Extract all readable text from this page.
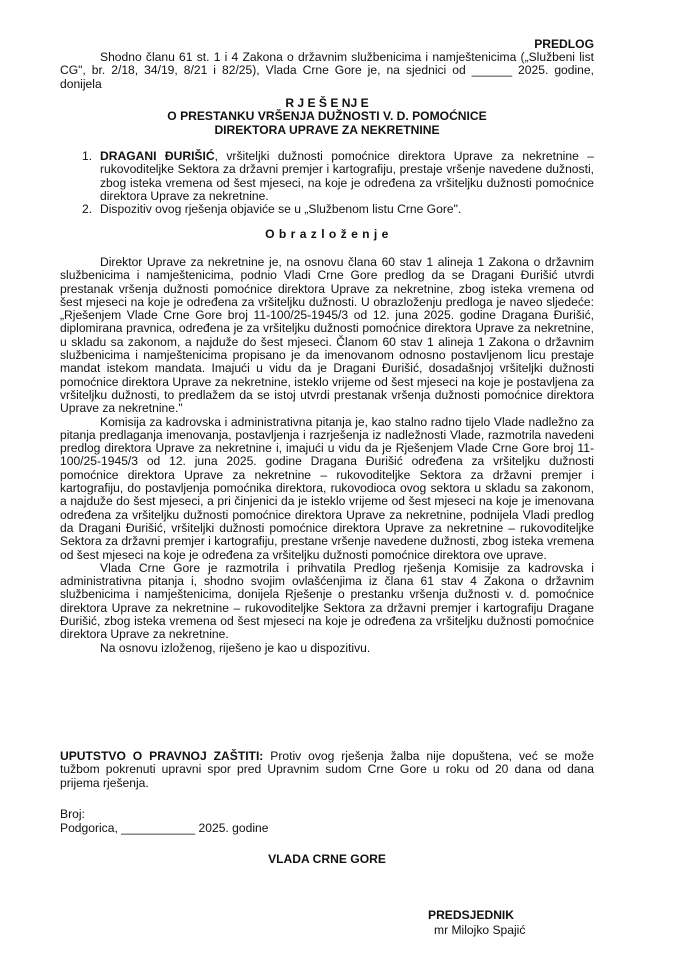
PREDLOG

Shodno članu 61 st. 1 i 4 Zakona o državnim službenicima i namještenicima („Službeni list CG", br. 2/18, 34/19, 8/21 i 82/25), Vlada Crne Gore je, na sjednici od ______ 2025. godine, donijela

R J E Š E NJ E
O PRESTANKU VRŠENJA DUŽNOSTI V. D. POMOĆNICE
DIREKTORA UPRAVE ZA NEKRETNINE
1. DRAGANI ĐURIŠIĆ, vršiteljki dužnosti pomoćnice direktora Uprave za nekretnine – rukovoditeljke Sektora za državni premjer i kartografiju, prestaje vršenje navedene dužnosti, zbog isteka vremena od šest mjeseci, na koje je određena za vršiteljku dužnosti pomoćnice direktora Uprave za nekretnine.
2. Dispozitiv ovog rješenja objaviće se u „Službenom listu Crne Gore".
O b r a z l o ž e n j e

Direktor Uprave za nekretnine je, na osnovu člana 60 stav 1 alineja 1 Zakona o državnim službenicima i namještenicima, podnio Vladi Crne Gore predlog da se Dragani Đurišić utvrdi prestanak vršenja dužnosti pomoćnice direktora Uprave za nekretnine, zbog isteka vremena od šest mjeseci na koje je određena za vršiteljku dužnosti. U obrazloženju predloga je naveo sljedeće: „Rješenjem Vlade Crne Gore broj 11-100/25-1945/3 od 12. juna 2025. godine Dragana Đurišić, diplomirana pravnica, određena je za vršiteljku dužnosti pomoćnice direktora Uprave za nekretnine, u skladu sa zakonom, a najduže do šest mjeseci. Članom 60 stav 1 alineja 1 Zakona o državnim službenicima i namještenicima propisano je da imenovanom odnosno postavljenom licu prestaje mandat istekom mandata. Imajući u vidu da je Dragani Đurišić, dosadašnjoj vršiteljki dužnosti pomoćnice direktora Uprave za nekretnine, isteklo vrijeme od šest mjeseci na koje je postavljena za vršiteljku dužnosti, to predlažem da se istoj utvrdi prestanak vršenja dužnosti pomoćnice direktora Uprave za nekretnine."

Komisija za kadrovska i administrativna pitanja je, kao stalno radno tijelo Vlade nadležno za pitanja predlaganja imenovanja, postavljenja i razrješenja iz nadležnosti Vlade, razmotrila navedeni predlog direktora Uprave za nekretnine i, imajući u vidu da je Rješenjem Vlade Crne Gore broj 11-100/25-1945/3 od 12. juna 2025. godine Dragana Đurišić određena za vršiteljku dužnosti pomoćnice direktora Uprave za nekretnine – rukovoditeljke Sektora za državni premjer i kartografiju, do postavljenja pomoćnika direktora, rukovodioca ovog sektora u skladu sa zakonom, a najduže do šest mjeseci, a pri činjenici da je isteklo vrijeme od šest mjeseci na koje je imenovana određena za vršiteljku dužnosti pomoćnice direktora Uprave za nekretnine, podnijela Vladi predlog da Dragani Đurišić, vršiteljki dužnosti pomoćnice direktora Uprave za nekretnine – rukovoditeljke Sektora za državni premjer i kartografiju, prestane vršenje navedene dužnosti, zbog isteka vremena od šest mjeseci na koje je određena za vršiteljku dužnosti pomoćnice direktora ove uprave.

Vlada Crne Gore je razmotrila i prihvatila Predlog rješenja Komisije za kadrovska i administrativna pitanja i, shodno svojim ovlašćenjima iz člana 61 stav 4 Zakona o državnim službenicima i namještenicima, donijela Rješenje o prestanku vršenja dužnosti v. d. pomoćnice direktora Uprave za nekretnine – rukovoditeljke Sektora za državni premjer i kartografiju Dragane Đurišić, zbog isteka vremena od šest mjeseci na koje je određena za vršiteljku dužnosti pomoćnice direktora Uprave za nekretnine.

Na osnovu izloženog, riješeno je kao u dispozitivu.

UPUTSTVO O PRAVNOJ ZAŠTITI: Protiv ovog rješenja žalba nije dopuštena, već se može tužbom pokrenuti upravni spor pred Upravnim sudom Crne Gore u roku od 20 dana od dana prijema rješenja.

Broj:
Podgorica, ___________ 2025. godine
VLADA CRNE GORE
PREDSJEDNIK
mr Milojko Spajić
